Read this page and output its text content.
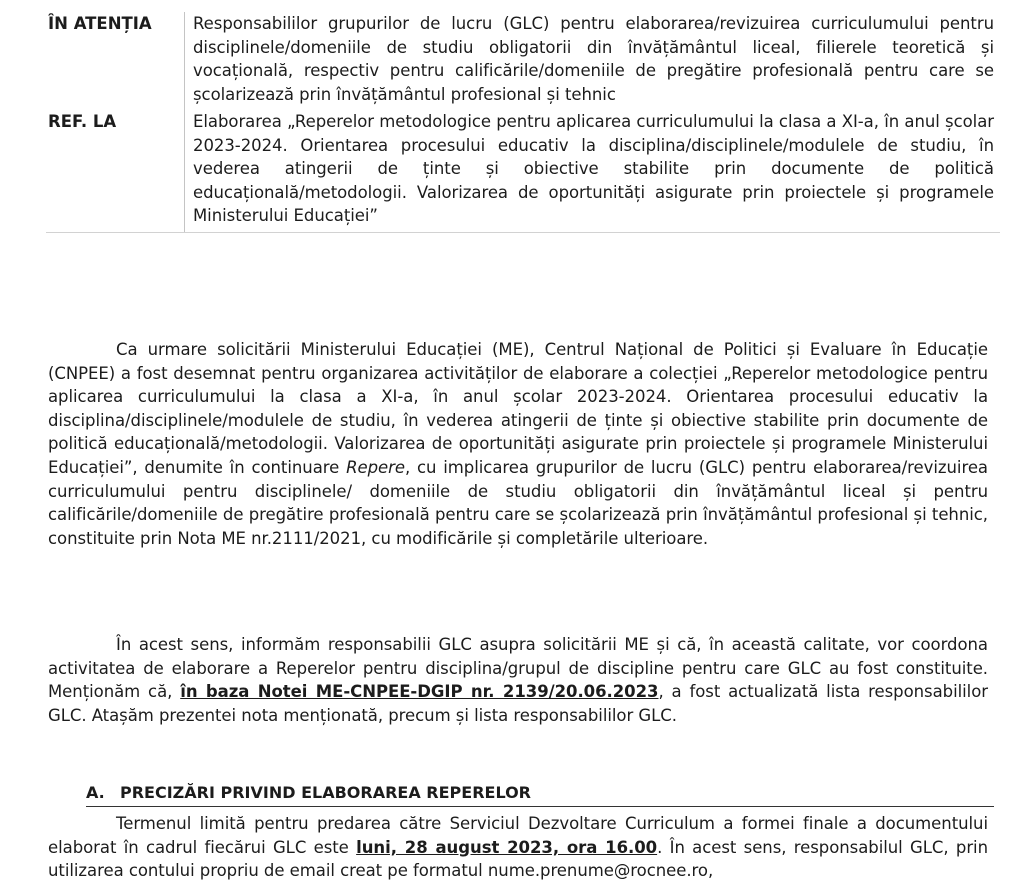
ÎN ATENȚIA	Responsabililor grupurilor de lucru (GLC) pentru elaborarea/revizuirea curriculumului pentru disciplinele/domeniile de studiu obligatorii din învățământul liceal, filierele teoretică și vocațională, respectiv pentru calificările/domeniile de pregătire profesională pentru care se școlarizează prin învățământul profesional și tehnic
REF. LA	Elaborarea „Reperelor metodologice pentru aplicarea curriculumului la clasa a XI-a, în anul școlar 2023-2024. Orientarea procesului educativ la disciplina/disciplinele/modulele de studiu, în vederea atingerii de ținte și obiective stabilite prin documente de politică educațională/metodologii. Valorizarea de oportunități asigurate prin proiectele și programele Ministerului Educației”

Ca urmare solicitării Ministerului Educației (ME), Centrul Național de Politici și Evaluare în Educație (CNPEE) a fost desemnat pentru organizarea activităților de elaborare a colecției „Reperelor metodologice pentru aplicarea curriculumului la clasa a XI-a, în anul școlar 2023-2024. Orientarea procesului educativ la disciplina/disciplinele/modulele de studiu, în vederea atingerii de ținte și obiective stabilite prin documente de politică educațională/metodologii. Valorizarea de oportunități asigurate prin proiectele și programele Ministerului Educației”, denumite în continuare Repere, cu implicarea grupurilor de lucru (GLC) pentru elaborarea/revizuirea curriculumului pentru disciplinele/ domeniile de studiu obligatorii din învățământul liceal și pentru calificările/domeniile de pregătire profesională pentru care se școlarizează prin învățământul profesional și tehnic, constituite prin Nota ME nr.2111/2021, cu modificările și completările ulterioare.

În acest sens, informăm responsabilii GLC asupra solicitării ME și că, în această calitate, vor coordona activitatea de elaborare a Reperelor pentru disciplina/grupul de discipline pentru care GLC au fost constituite. Menționăm că, în baza Notei ME-CNPEE-DGIP nr. 2139/20.06.2023, a fost actualizată lista responsabililor GLC. Atașăm prezentei nota menționată, precum și lista responsabililor GLC.

A. PRECIZĂRI PRIVIND ELABORAREA REPERELOR

Termenul limită pentru predarea către Serviciul Dezvoltare Curriculum a formei finale a documentului elaborat în cadrul fiecărui GLC este luni, 28 august 2023, ora 16.00. În acest sens, responsabilul GLC, prin utilizarea contului propriu de email creat pe formatul nume.prenume@rocnee.ro,
